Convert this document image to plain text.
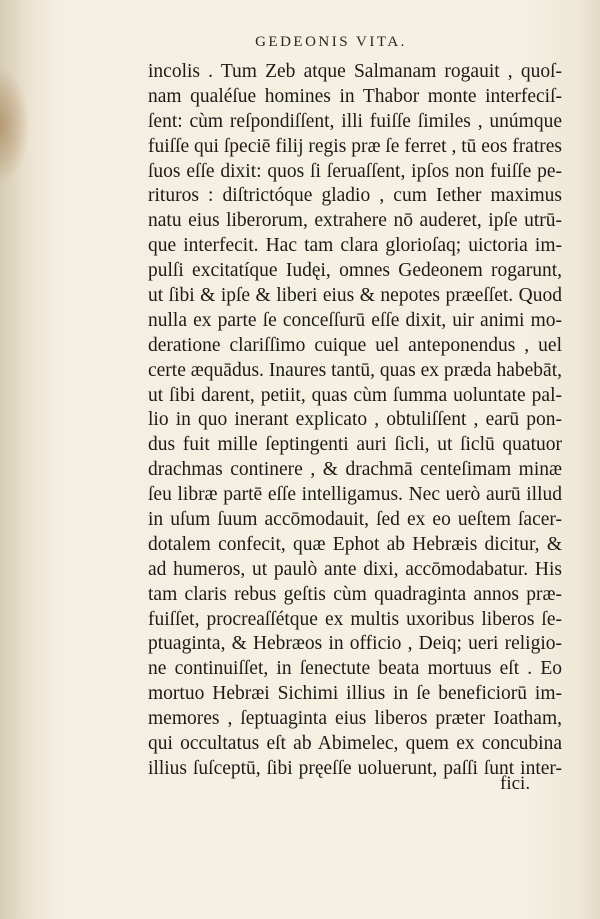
GEDEONIS VITA.
incolis . Tum Zeb atque Salmanam rogauit , quoſ-
nam qualéſue homines in Thabor monte interfeciſ-
ſent: cùm reſpondiſſent, illi fuiſſe ſimiles , unúmque
fuiſſe qui ſpeciē filij regis præ ſe ferret , tū eos fratres
ſuos eſſe dixit: quos ſi ſeruaſſent, ipſos non fuiſſe pe-
rituros : diſtrictóque gladio , cum Iether maximus
natu eius liberorum, extrahere nō auderet, ipſe utrū-
que interfecit. Hac tam clara glorioſaq; uictoria im-
pulſi excitatíque Iudęi, omnes Gedeonem rogarunt,
ut ſibi & ipſe & liberi eius & nepotes præeſſet. Quod
nulla ex parte ſe conceſſurū eſſe dixit, uir animi mo-
deratione clariſſimo cuique uel anteponendus , uel
certe æquādus. Inaures tantū, quas ex præda habebāt,
ut ſibi darent, petiit, quas cùm ſumma uoluntate pal-
lio in quo inerant explicato , obtuliſſent , earū pon-
dus fuit mille ſeptingenti auri ſicli, ut ſiclū quatuor
drachmas continere , & drachmā centeſimam minæ
ſeu libræ partē eſſe intelligamus. Nec uerò aurū illud
in uſum ſuum accōmodauit, ſed ex eo ueſtem ſacer-
dotalem confecit, quæ Ephot ab Hebræis dicitur, &
ad humeros, ut paulò ante dixi, accōmodabatur. His
tam claris rebus geſtis cùm quadraginta annos præ-
fuiſſet, procreaſſétque ex multis uxoribus liberos ſe-
ptuaginta, & Hebræos in officio , Deiq; ueri religio-
ne continuiſſet, in ſenectute beata mortuus eſt . Eo
mortuo Hebræi Sichimi illius in ſe beneficiorū im-
memores , ſeptuaginta eius liberos præter Ioatham,
qui occultatus eſt ab Abimelec, quem ex concubina
illius ſuſceptū, ſibi pręeſſe uoluerunt, paſſi ſunt inter-
fici.
